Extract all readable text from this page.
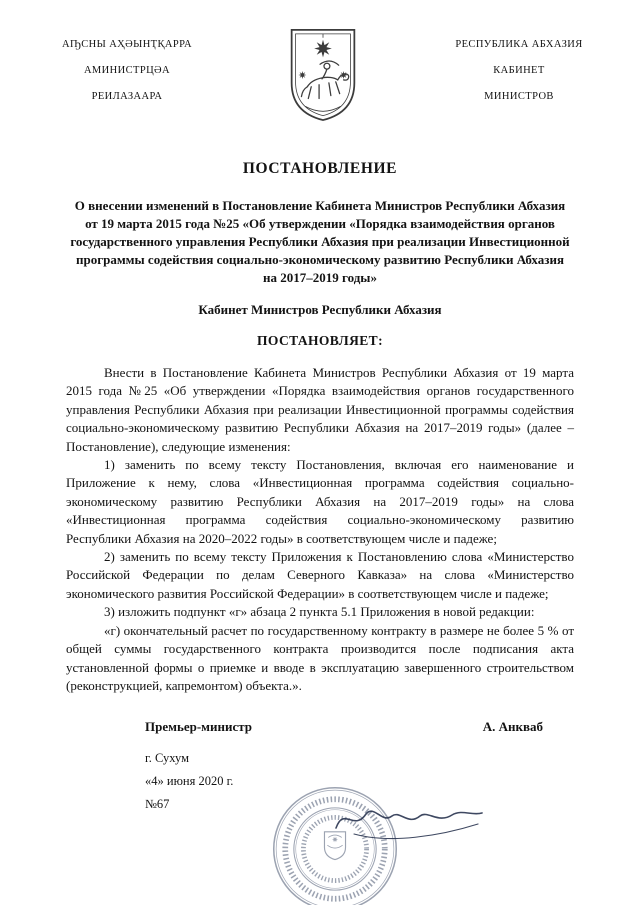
АҦСНЫ АҲӘЫНҬҚАРРА
АМИНИСТРЦӘА
РЕИЛАЗААРА
РЕСПУБЛИКА АБХАЗИЯ
КАБИНЕТ
МИНИСТРОВ
ПОСТАНОВЛЕНИЕ
О внесении изменений в Постановление Кабинета Министров Республики Абхазия от 19 марта 2015 года №25 «Об утверждении «Порядка взаимодействия органов государственного управления Республики Абхазия при реализации Инвестиционной программы содействия социально-экономическому развитию Республики Абхазия на 2017–2019 годы»
Кабинет Министров Республики Абхазия
ПОСТАНОВЛЯЕТ:

Внести в Постановление Кабинета Министров Республики Абхазия от 19 марта 2015 года №25 «Об утверждении «Порядка взаимодействия органов государственного управления Республики Абхазия при реализации Инвестиционной программы содействия социально-экономическому развитию Республики Абхазия на 2017–2019 годы» (далее – Постановление), следующие изменения:

1) заменить по всему тексту Постановления, включая его наименование и Приложение к нему, слова «Инвестиционная программа содействия социально-экономическому развитию Республики Абхазия на 2017–2019 годы» на слова «Инвестиционная программа содействия социально-экономическому развитию Республики Абхазия на 2020–2022 годы» в соответствующем числе и падеже;

2) заменить по всему тексту Приложения к Постановлению слова «Министерство Российской Федерации по делам Северного Кавказа» на слова «Министерство экономического развития Российской Федерации» в соответствующем числе и падеже;

3) изложить подпункт «г» абзаца 2 пункта 5.1 Приложения в новой редакции:

«г) окончательный расчет по государственному контракту в размере не более 5 % от общей суммы государственного контракта производится после подписания акта установленной формы о приемке и вводе в эксплуатацию завершенного строительством (реконструкцией, капремонтом) объекта.».

Премьер-министр	А. Анкваб
г. Сухум
«4» июня 2020 г.
№67
